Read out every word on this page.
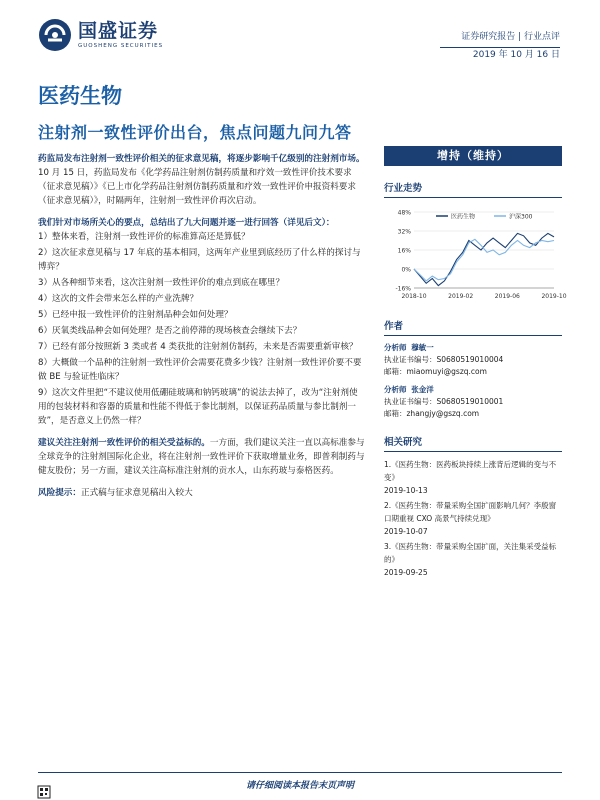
国盛证券
GUOSHENG SECURITIES
证券研究报告 | 行业点评
2019 年 10 月 16 日
医药生物
注射剂一致性评价出台，焦点问题九问九答
药监局发布注射剂一致性评价相关的征求意见稿，将逐步影响千亿级别的注射剂市场。10 月 15 日，药监局发布《化学药品注射剂仿制药质量和疗效一致性评价技术要求（征求意见稿）》《已上市化学药品注射剂仿制药质量和疗效一致性评价申报资料要求（征求意见稿）》，时隔两年，注射剂一致性评价再次启动。
我们针对市场所关心的要点，总结出了九大问题并逐一进行回答（详见后文）：
1）整体来看，注射剂一致性评价的标准算高还是算低？
2）这次征求意见稿与 17 年底的基本相同，这两年产业里到底经历了什么样的探讨与博弈？
3）从各种细节来看，这次注射剂一致性评价的难点到底在哪里？
4）这次的文件会带来怎么样的产业洗牌？
5）已经申报一致性评价的注射剂品种会如何处理？
6）厌氧类线品种会如何处理？是否之前停滞的现场核查会继续下去？
7）已经有部分按照新 3 类或者 4 类获批的注射剂仿制药，未来是否需要重新审核？
8）大概做一个品种的注射剂一致性评价会需要花费多少钱？注射剂一致性评价要不要做 BE 与验证性临床？
9）这次文件里把“不建议使用低硼硅玻璃和钠钙玻璃”的说法去掉了，改为“注射剂使用的包装材料和容器的质量和性能不得低于参比制剂，以保证药品质量与参比制剂一致”，是否意义上仍然一样？
建议关注注射剂一致性评价的相关受益标的。一方面，我们建议关注一直以高标准参与全球竞争的注射剂国际化企业，将在注射剂一致性评价下获取增量业务，即普利制药与健友股份；另一方面，建议关注高标准注射剂的贡水人，山东药玻与泰格医药。
风险提示：正式稿与征求意见稿出入较大
增持（维持）
行业走势
-16%
0%
16%
32%
48%
2018-10	2019-02	2019-06	2019-10
医药生物	沪深300
作者
分析师 穆敏一
执业证书编号：S0680519010004
邮箱：miaomuyi@gszq.com
分析师 张金洋
执业证书编号：S0680519010001
邮箱：zhangjy@gszq.com
相关研究
1.《医药生物：医药板块持续上涨背后逻辑的变与不变》
2019-10-13
2.《医药生物：带量采购全国扩面影响几何？李殷窗口期重视 CXO 高景气持续兑现》
2019-10-07
3.《医药生物：带量采购全国扩面，关注集采受益标的》
2019-09-25
请仔细阅读本报告末页声明
